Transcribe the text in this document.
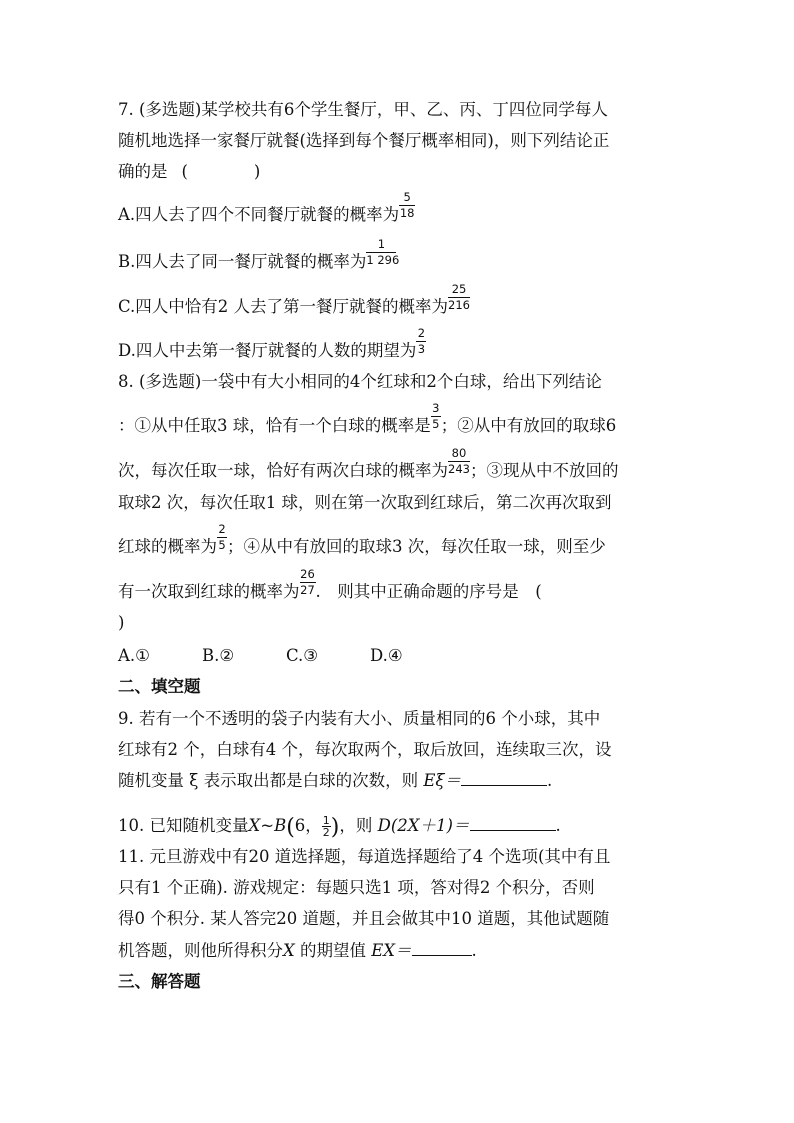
7. (多选题)某学校共有6个学生餐厅，甲、乙、丙、丁四位同学每人
随机地选择一家餐厅就餐(选择到每个餐厅概率相同)，则下列结论正
确的是 (　　　　)
A.四人去了四个不同餐厅就餐的概率为 $\frac{5}{18}$
B.四人去了同一餐厅就餐的概率为 $\frac{1}{1 296}$
C.四人中恰有2 人去了第一餐厅就餐的概率为 $\frac{25}{216}$
D.四人中去第一餐厅就餐的人数的期望为 $\frac{2}{3}$
8. (多选题)一袋中有大小相同的4个红球和2个白球，给出下列结论
：①从中任取3 球，恰有一个白球的概率是 $\frac{3}{5}$ ；②从中有放回的取球6
次，每次任取一球，恰好有两次白球的概率为 $\frac{80}{243}$ ；③现从中不放回的
取球2 次，每次任取1 球，则在第一次取到红球后，第二次再次取到
红球的概率为 $\frac{2}{5}$ ；④从中有放回的取球3 次，每次任取一球，则至少
有一次取到红球的概率为 $\frac{26}{27}$ .　则其中正确命题的序号是　(
)
A.①	B.②	C.③	D.④
二、填空题
9. 若有一个不透明的袋子内装有大小、质量相同的6 个小球，其中
红球有2 个，白球有4 个，每次取两个，取后放回，连续取三次，设
随机变量 ξ 表示取出都是白球的次数，则 Eξ＝	.
10. 已知随机变量X~B(6， $\frac{1}{2}$)，则 D(2X＋1)＝	.
11. 元旦游戏中有20 道选择题，每道选择题给了4 个选项(其中有且
只有1 个正确). 游戏规定：每题只选1 项，答对得2 个积分，否则
得0 个积分. 某人答完20 道题，并且会做其中10 道题，其他试题随
机答题，则他所得积分X 的期望值 EX＝	.
三、解答题
